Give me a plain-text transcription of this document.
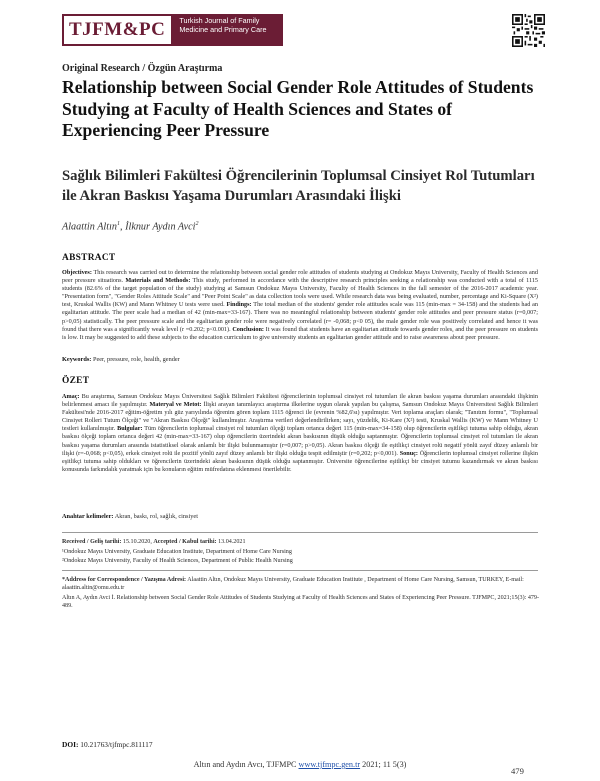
TJFM&PC	Turkish Journal of Family Medicine and Primary Care
Original Research / Özgün Araştırma
Relationship between Social Gender Role Attitudes of Students Studying at Faculty of Health Sciences and States of Experiencing Peer Pressure
Sağlık Bilimleri Fakültesi Öğrencilerinin Toplumsal Cinsiyet Rol Tutumları ile Akran Baskısı Yaşama Durumları Arasındaki İlişki
Alaattin Altın$^1$, İlknur Aydın Avci$^2$
ABSTRACT

Objectives: This research was carried out to determine the relationship between social gender role attitudes of students studying at Ondokuz Mayıs University, Faculty of Health Sciences and peer pressure situations. Materials and Methods: This study, performed in accordance with the descriptive research principles seeking a relationship was conducted with a total of 1115 students (82.6% of the target population of the study) studying at Samsun Ondokuz Mayıs University, Faculty of Health Sciences in the fall semester of the 2016-2017 academic year. "Presentation form", "Gender Roles Attitude Scale" and "Peer Point Scale" as data collection tools were used. While research data was being evaluated, number, percentage and Ki-Square (X²) test, Kruskal Wallis (KW) and Mann Whitney U tests were used. Findings: The total median of the students' gender role attitudes scale was 115 (min-max = 34-158) and the students had an egalitarian attitude. The peer scale had a median of 42 (min-max=33-167). There was no meaningful relationship between students' gender role attitudes and peer pressure status (r=0,007; p>0,05) statistically. The peer pressure scale and the egalitarian gender role were negatively correlated (r= -0,068; p<0 05), the male gender role was positively correlated and hence it was found that there was a significantly weak level (r =0.202; p<0.001). Conclusion: It was found that students have an egalitarian attitude towards gender roles, and the peer pressure on students is low. It may be suggested to add these subjects to the education curriculum to give university students an egalitarian gender attitude and to raise awareness about peer pressure.

Keywords: Peer, pressure, role, health, gender
ÖZET

Amaç: Bu araştırma, Samsun Ondokuz Mayıs Üniversitesi Sağlık Bilimleri Fakültesi öğrencilerinin toplumsal cinsiyet rol tutumları ile akran baskısı yaşama durumları arasındaki ilişkinin belirlenmesi amacı ile yapılmıştır. Materyal ve Metot: İlişki arayan tanımlayıcı araştırma ilkelerine uygun olarak yapılan bu çalışma, Samsun Ondokuz Mayıs Üniversitesi Sağlık Bilimleri Fakültesi'nde 2016-2017 eğitim-öğretim yılı güz yarıyılında öğrenim gören toplam 1115 öğrenci ile (evrenin %82,6'sı) yapılmıştır. Veri toplama araçları olarak; "Tanıtım formu", "Toplumsal Cinsiyet Rolleri Tutum Ölçeği" ve "Akran Baskısı Ölçeği" kullanılmıştır. Araştırma verileri değerlendirilirken; sayı, yüzdelik, Ki-Kare (X²) testi, Kruskal Wallis (KW) ve Mann Whitney U testleri kullanılmıştır. Bulgular: Tüm öğrencilerin toplumsal cinsiyet rol tutumları ölçeği toplam ortanca değeri 115 (min-max=34-158) olup öğrencilerin eşitlikçi tutuma sahip olduğu, akran baskısı ölçeği toplam ortanca değeri 42 (min-max=33-167) olup öğrencilerin üzerindeki akran baskısının düşük olduğu saptanmıştır. Öğrencilerin toplumsal cinsiyet rol tutumları ile akran baskısı yaşama durumları arasında istatistiksel olarak anlamlı bir ilişki bulunmamıştır (r=0,007; p>0,05). Akran baskısı ölçeği ile eşitlikçi cinsiyet rolü negatif yönlü zayıf düzey anlamlı bir ilişki (r=-0,068; p<0,05), erkek cinsiyet rolü ile pozitif yönlü zayıf düzey anlamlı bir ilişki olduğu tespit edilmiştir (r=0,202; p<0,001). Sonuç: Öğrencilerin toplumsal cinsiyet rollerine ilişkin eşitlikçi tutuma sahip oldukları ve öğrencilerin üzerindeki akran baskısının düşük olduğu saptanmıştır. Üniversite öğrencilerine eşitlikçi bir cinsiyet tutumu kazandırmak ve akran baskısı konusunda farkındalık yaratmak için bu konuların eğitim müfredatına eklenmesi önerilebilir.

Anahtar kelimeler: Akran, baskı, rol, sağlık, cinsiyet
Received / Geliş tarihi: 15.10.2020, Accepted / Kabul tarihi: 13.04.2021
¹Ondokuz Mayıs University, Graduate Education Institute, Department of Home Care Nursing
²Ondokuz Mayıs University, Faculty of Health Sciences, Department of Public Health Nursing

*Address for Correspondence / Yazışma Adresi: Alaattin Altın, Ondokuz Mayıs University, Graduate Education Institute , Department of Home Care Nursing, Samsun, TURKEY, E-mail: alaattin.altin@omu.edu.tr

Altın A, Aydın Avci İ. Relationship between Social Gender Role Attitudes of Students Studying at Faculty of Health Sciences and States of Experiencing Peer Pressure. TJFMPC, 2021;15(3): 479-489.

DOI: 10.21763/tjfmpc.811117
Altın and Aydın Avcı, TJFMPC www.tjfmpc.gen.tr 2021; 11 5(3)
479
